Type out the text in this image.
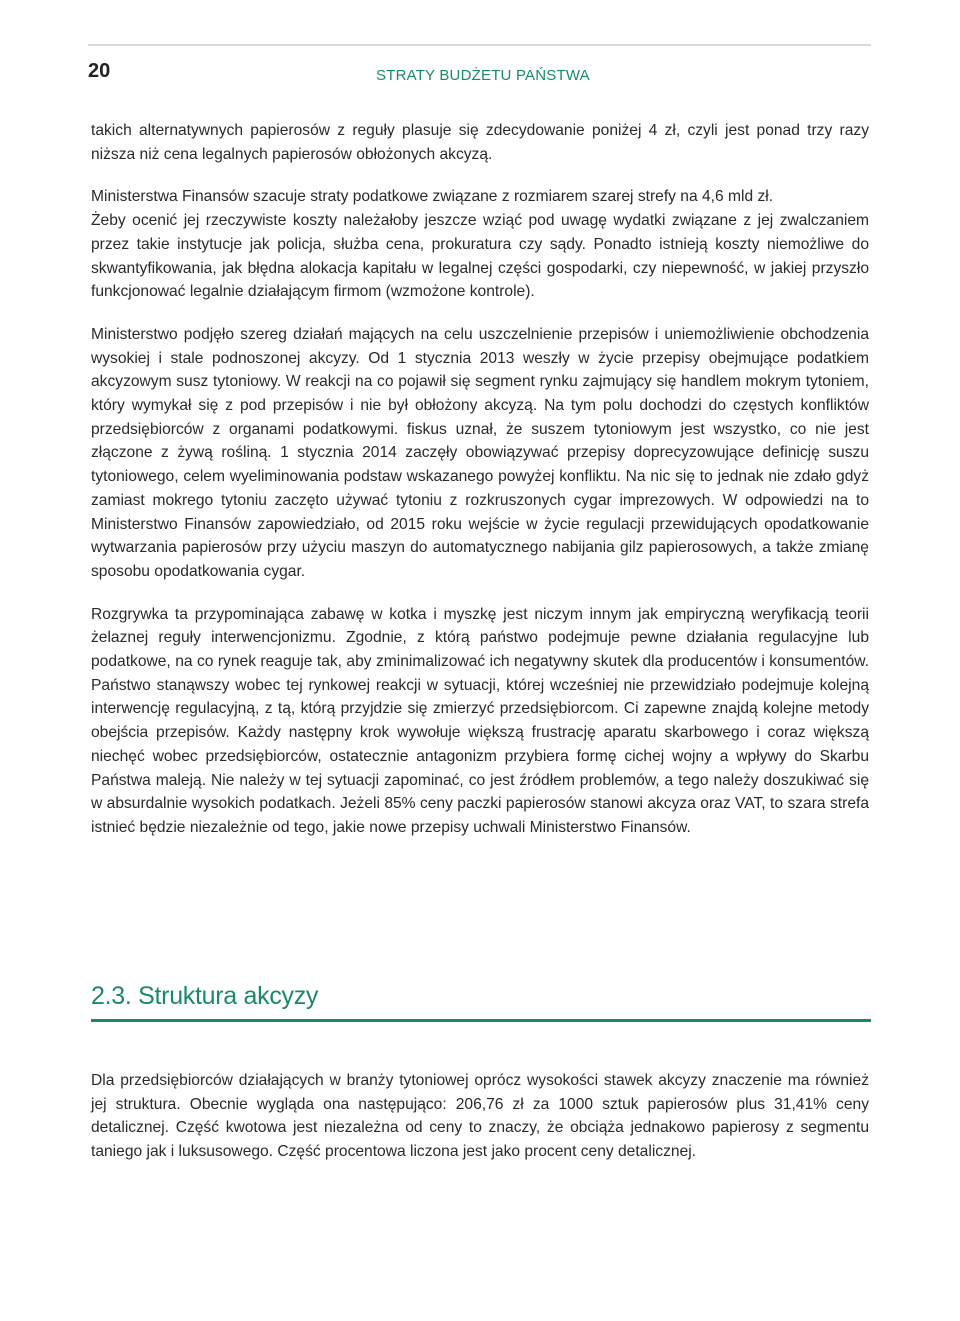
20	STRATY BUDŻETU PAŃSTWA

takich alternatywnych papierosów z reguły plasuje się zdecydowanie poniżej 4 zł, czyli jest ponad trzy razy niższa niż cena legalnych papierosów obłożonych akcyzą.

Ministerstwa Finansów szacuje straty podatkowe związane z rozmiarem szarej strefy na 4,6 mld zł.

Żeby ocenić jej rzeczywiste koszty należałoby jeszcze wziąć pod uwagę wydatki związane z jej zwalczaniem przez takie instytucje jak policja, służba cena, prokuratura czy sądy. Ponadto istnieją koszty niemożliwe do skwantyfikowania, jak błędna alokacja kapitału w legalnej części gospodarki, czy niepewność, w jakiej przyszło funkcjonować legalnie działającym firmom (wzmożone kontrole).

Ministerstwo podjęło szereg działań mających na celu uszczelnienie przepisów i uniemożliwienie obchodzenia wysokiej i stale podnoszonej akcyzy. Od 1 stycznia 2013 weszły w życie przepisy obejmujące podatkiem akcyzowym susz tytoniowy. W reakcji na co pojawił się segment rynku zajmujący się handlem mokrym tytoniem, który wymykał się z pod przepisów i nie był obłożony akcyzą. Na tym polu dochodzi do częstych konfliktów przedsiębiorców z organami podatkowymi. fiskus uznał, że suszem tytoniowym jest wszystko, co nie jest złączone z żywą rośliną. 1 stycznia 2014 zaczęły obowiązywać przepisy doprecyzowujące definicję suszu tytoniowego, celem wyeliminowania podstaw wskazanego powyżej konfliktu. Na nic się to jednak nie zdało gdyż zamiast mokrego tytoniu zaczęto używać tytoniu z rozkruszonych cygar imprezowych. W odpowiedzi na to Ministerstwo Finansów zapowiedziało, od 2015 roku wejście w życie regulacji przewidujących opodatkowanie wytwarzania papierosów przy użyciu maszyn do automatycznego nabijania gilz papierosowych, a także zmianę sposobu opodatkowania cygar.

Rozgrywka ta przypominająca zabawę w kotka i myszkę jest niczym innym jak empiryczną weryfikacją teorii żelaznej reguły interwencjonizmu. Zgodnie, z którą państwo podejmuje pewne działania regulacyjne lub podatkowe, na co rynek reaguje tak, aby zminimalizować ich negatywny skutek dla producentów i konsumentów. Państwo stanąwszy wobec tej rynkowej reakcji w sytuacji, której wcześniej nie przewidziało podejmuje kolejną interwencję regulacyjną, z tą, którą przyjdzie się zmierzyć przedsiębiorcom. Ci zapewne znajdą kolejne metody obejścia przepisów. Każdy następny krok wywołuje większą frustrację aparatu skarbowego i coraz większą niechęć wobec przedsiębiorców, ostatecznie antagonizm przybiera formę cichej wojny a wpływy do Skarbu Państwa maleją. Nie należy w tej sytuacji zapominać, co jest źródłem problemów, a tego należy doszukiwać się w absurdalnie wysokich podatkach. Jeżeli 85% ceny paczki papierosów stanowi akcyza oraz VAT, to szara strefa istnieć będzie niezależnie od tego, jakie nowe przepisy uchwali Ministerstwo Finansów.

2.3. Struktura akcyzy

Dla przedsiębiorców działających w branży tytoniowej oprócz wysokości stawek akcyzy znaczenie ma również jej struktura. Obecnie wygląda ona następująco: 206,76 zł za 1000 sztuk papierosów plus 31,41% ceny detalicznej. Część kwotowa jest niezależna od ceny to znaczy, że obciąża jednakowo papierosy z segmentu taniego jak i luksusowego. Część procentowa liczona jest jako procent ceny detalicznej.
